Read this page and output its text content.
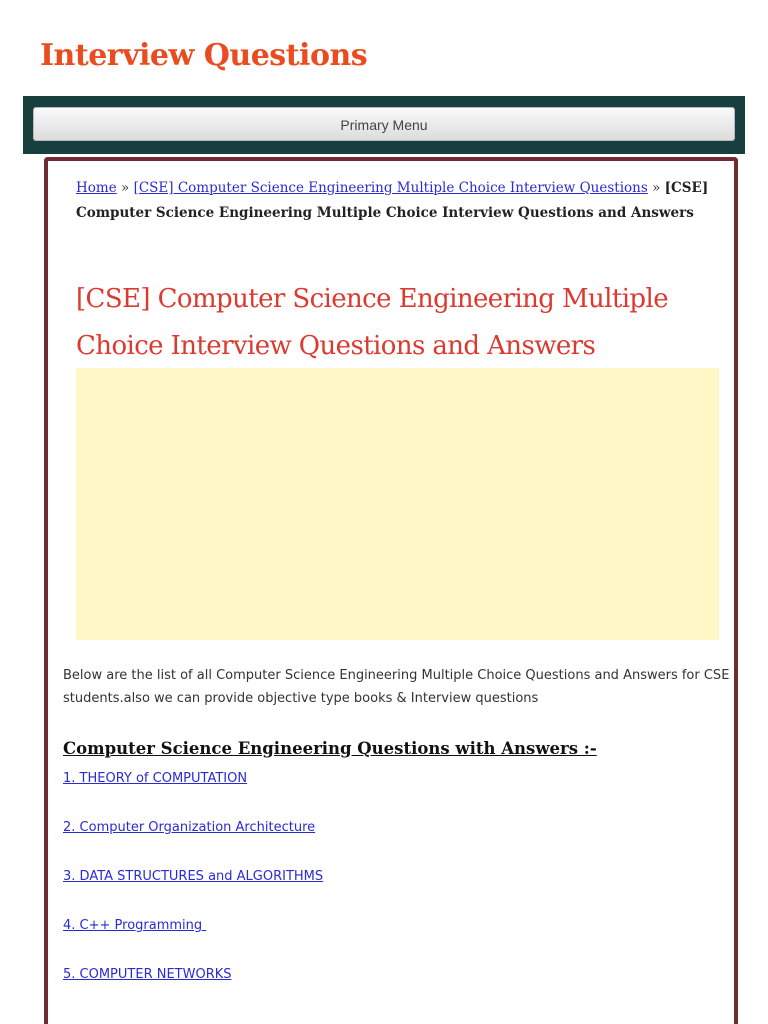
Interview Questions
Primary Menu
Home » [CSE] Computer Science Engineering Multiple Choice Interview Questions » [CSE] Computer Science Engineering Multiple Choice Interview Questions and Answers
[CSE] Computer Science Engineering Multiple Choice Interview Questions and Answers

Below are the list of all Computer Science Engineering Multiple Choice Questions and Answers for CSE students.also we can provide objective type books & Interview questions

Computer Science Engineering Questions with Answers :-
1. THEORY of COMPUTATION
2. Computer Organization Architecture
3. DATA STRUCTURES and ALGORITHMS
4. C++ Programming
5. COMPUTER NETWORKS
